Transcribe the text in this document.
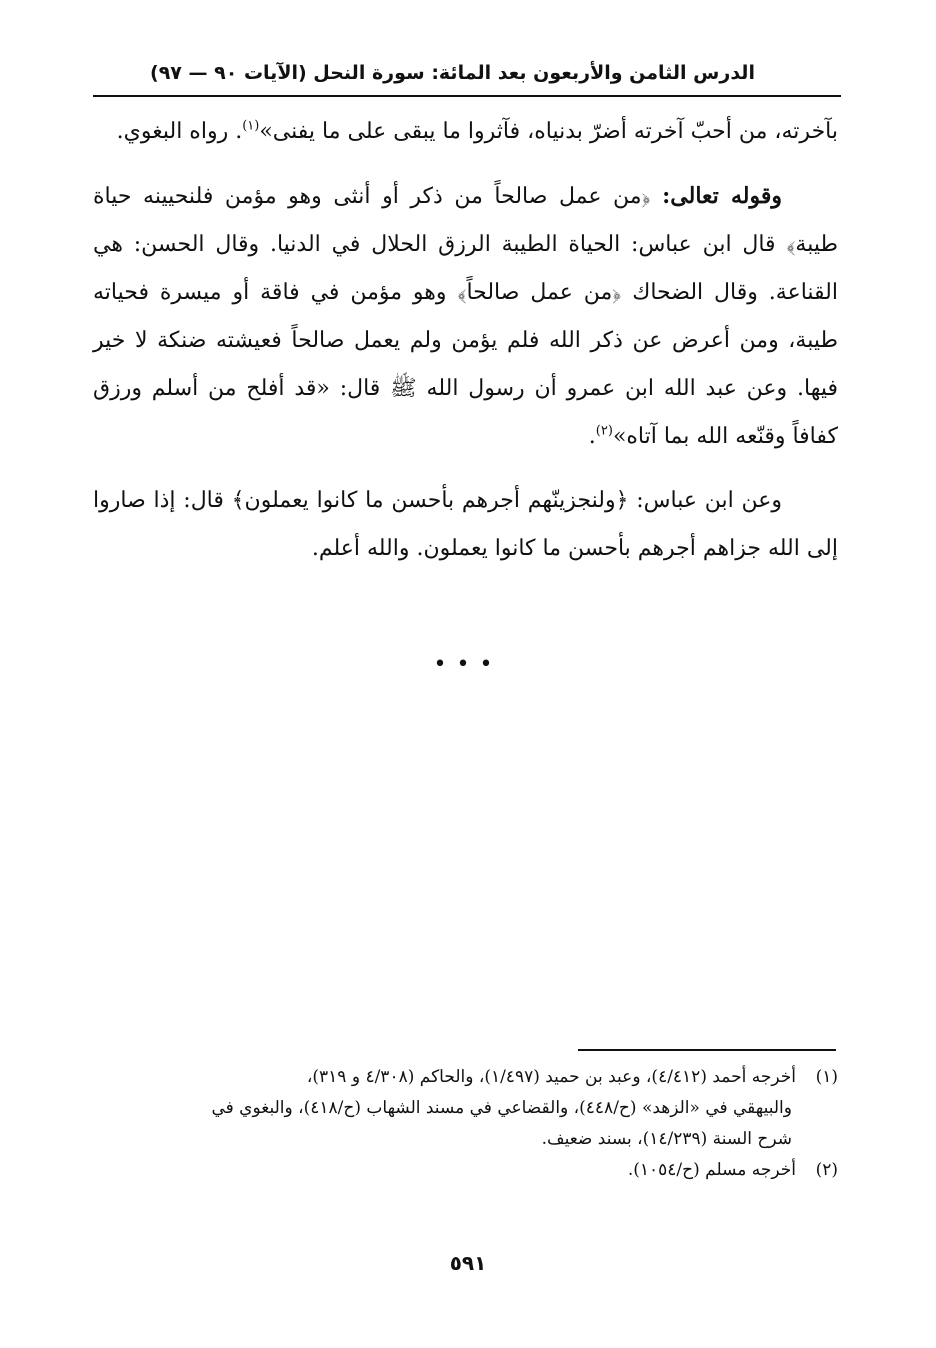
الدرس الثامن والأربعون بعد المائة: سورة النحل (الآيات ٩٠ — ٩٧)

بآخرته، من أحبّ آخرته أضرّ بدنياه، فآثروا ما يبقى على ما يفنى»$^{(١)}$. رواه البغوي.

وقوله تعالى: ﴿من عمل صالحاً من ذكر أو أنثى وهو مؤمن فلنحيينه حياة طيبة﴾ قال ابن عباس: الحياة الطيبة الرزق الحلال في الدنيا. وقال الحسن: هي القناعة. وقال الضحاك ﴿من عمل صالحاً﴾ وهو مؤمن في فاقة أو ميسرة فحياته طيبة، ومن أعرض عن ذكر الله فلم يؤمن ولم يعمل صالحاً فعيشته ضنكة لا خير فيها. وعن عبد الله ابن عمرو أن رسول الله ﷺ قال: «قد أفلح من أسلم ورزق كفافاً وقنّعه الله بما آتاه»$^{(٢)}$.

وعن ابن عباس: ﴿ولنجزينّهم أجرهم بأحسن ما كانوا يعملون﴾ قال: إذا صاروا إلى الله جزاهم أجرهم بأحسن ما كانوا يعملون. والله أعلم.

•••

(١)أخرجه أحمد (٤/٤١٢)، وعبد بن حميد (١/٤٩٧)، والحاكم (٤/٣٠٨ و ٣١٩)،

والبيهقي في «الزهد» (ح/٤٤٨)، والقضاعي في مسند الشهاب (ح/٤١٨)، والبغوي في

شرح السنة (١٤/٢٣٩)، بسند ضعيف.

(٢)أخرجه مسلم (ح/١٠٥٤).

٥٩١
